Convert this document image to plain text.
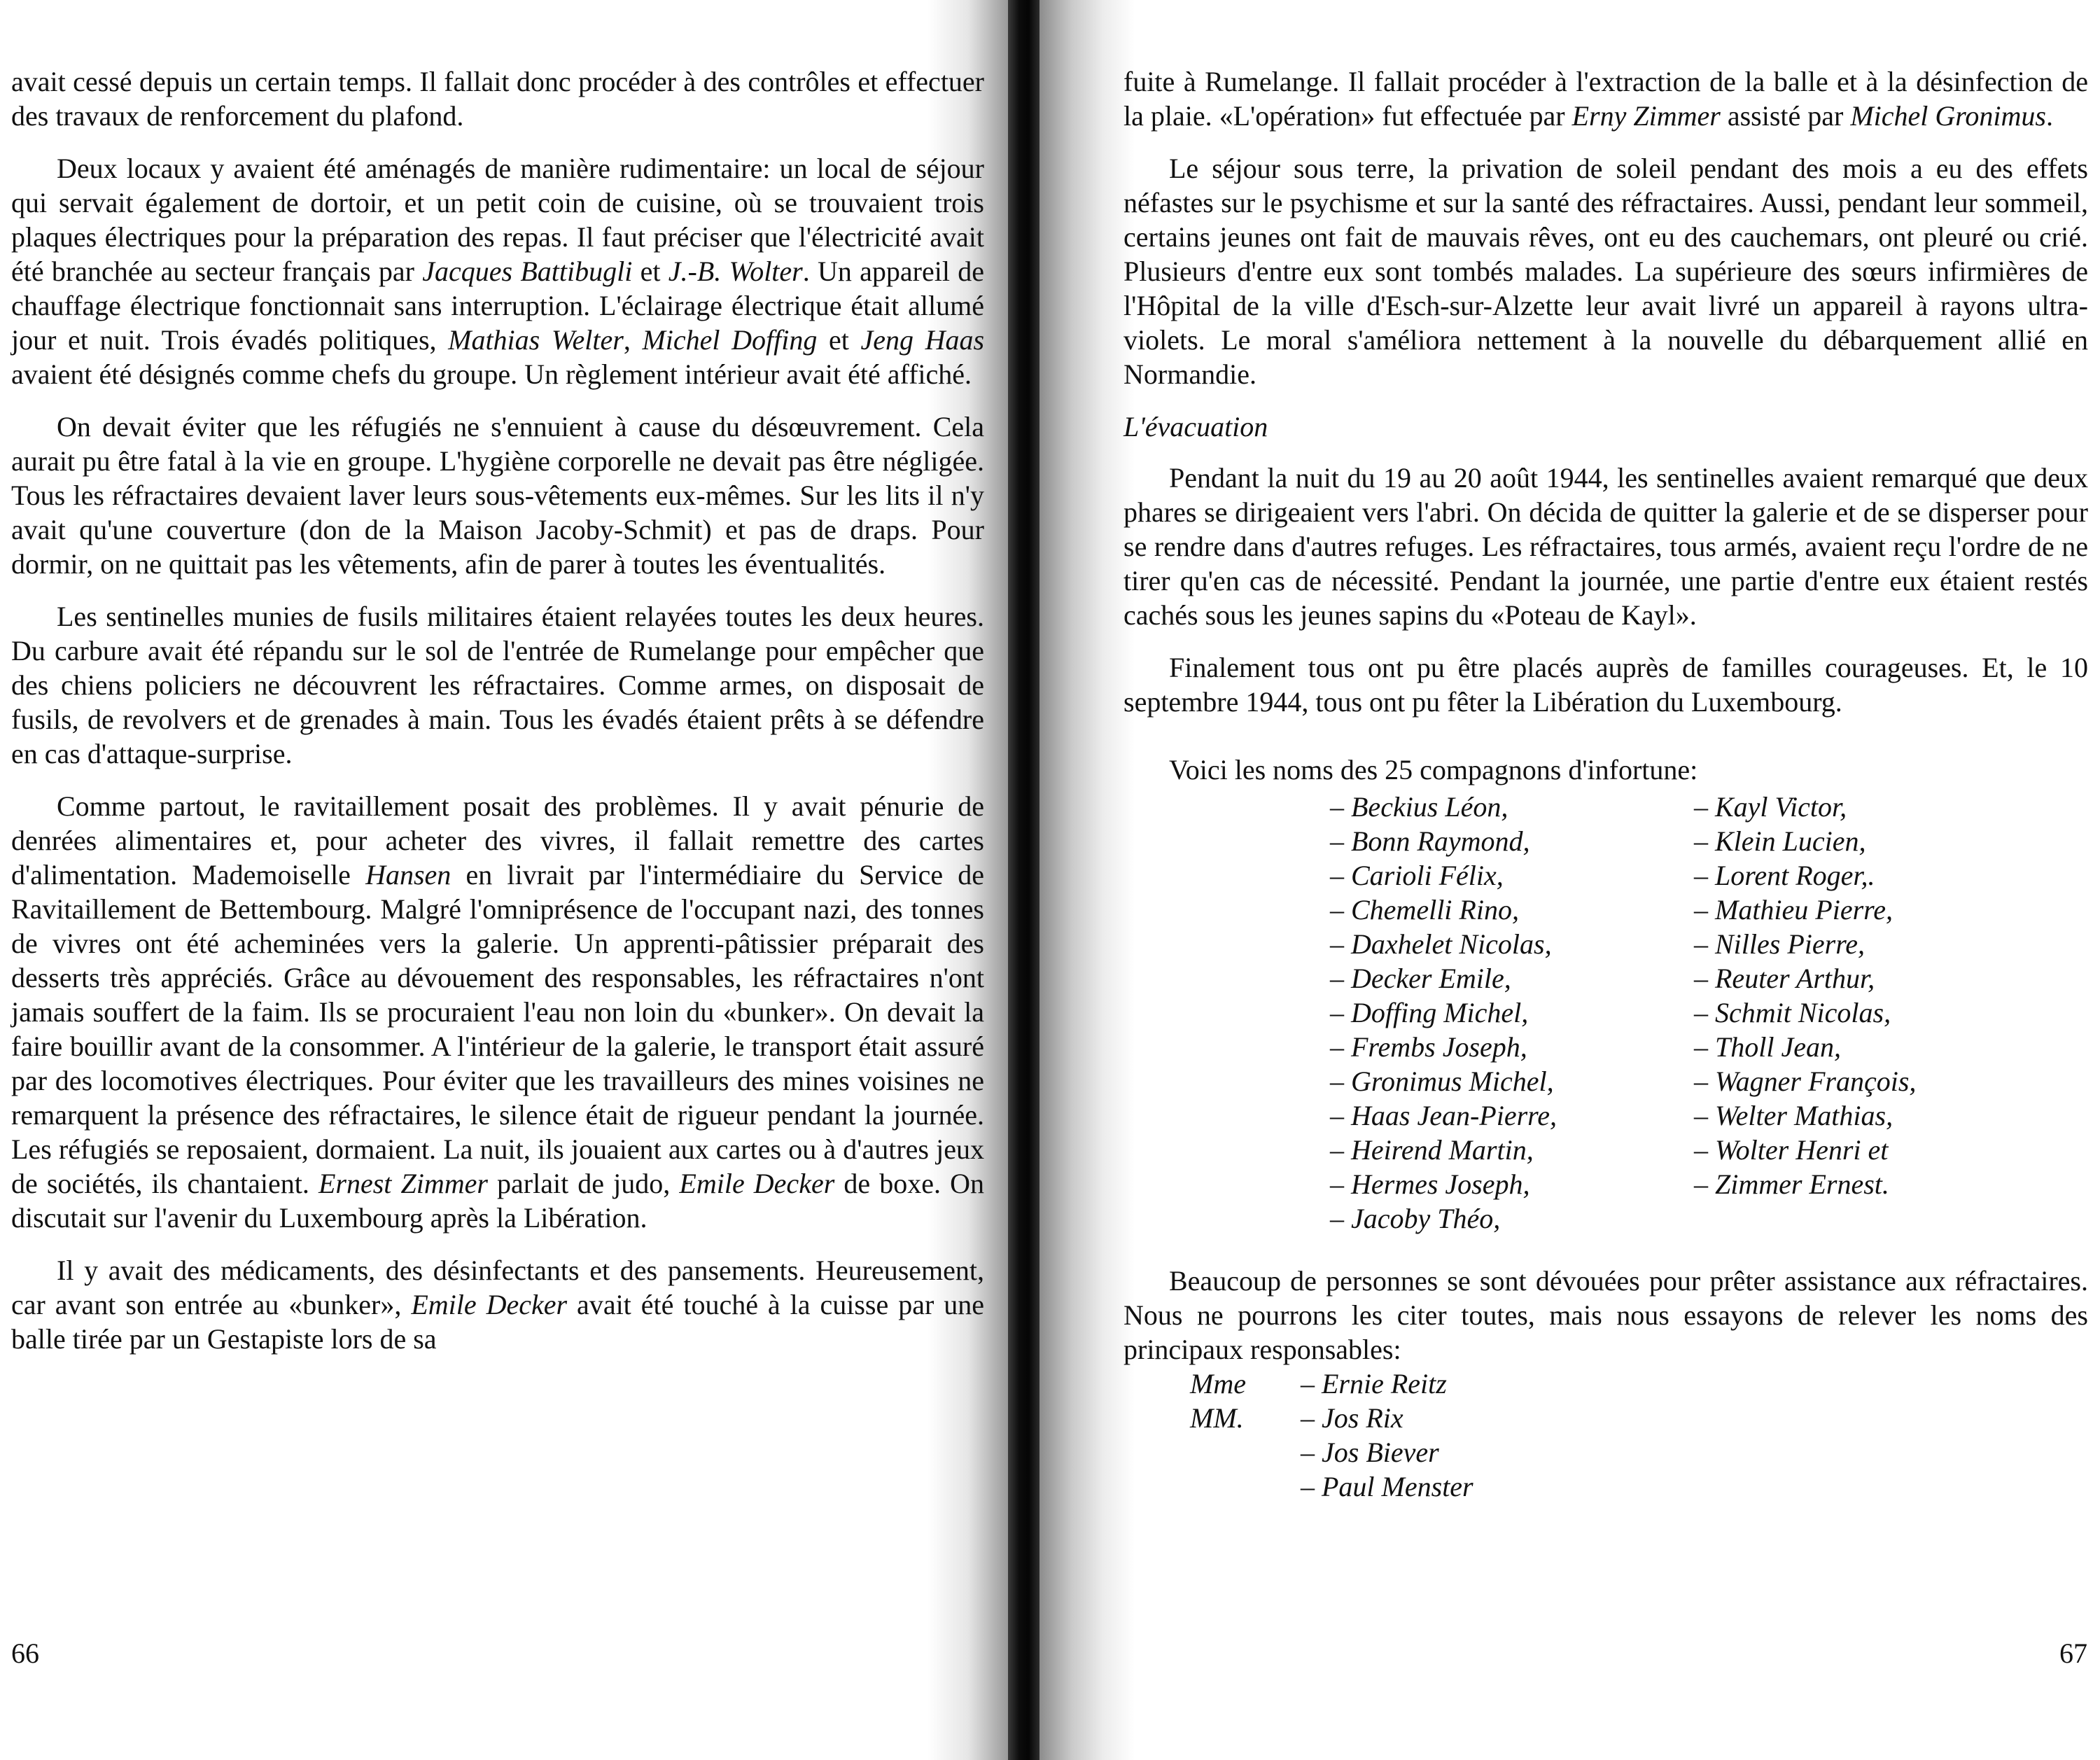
avait cessé depuis un certain temps. Il fallait donc procéder à des contrôles et effectuer des travaux de renforcement du plafond.

Deux locaux y avaient été aménagés de manière rudimentaire: un local de séjour qui servait également de dortoir, et un petit coin de cuisine, où se trouvaient trois plaques électriques pour la préparation des repas. Il faut préciser que l'électricité avait été branchée au secteur français par Jacques Battibugli et J.-B. Wolter. Un appareil de chauffage électrique fonctionnait sans interruption. L'éclairage électrique était allumé jour et nuit. Trois évadés politiques, Mathias Welter, Michel Doffing et Jeng Haas avaient été désignés comme chefs du groupe. Un règlement intérieur avait été affiché.

On devait éviter que les réfugiés ne s'ennuient à cause du désœuvrement. Cela aurait pu être fatal à la vie en groupe. L'hygiène corporelle ne devait pas être négligée. Tous les réfractaires devaient laver leurs sous-vêtements eux-mêmes. Sur les lits il n'y avait qu'une couverture (don de la Maison Jacoby-Schmit) et pas de draps. Pour dormir, on ne quittait pas les vêtements, afin de parer à toutes les éventualités.

Les sentinelles munies de fusils militaires étaient relayées toutes les deux heures. Du carbure avait été répandu sur le sol de l'entrée de Rumelange pour empêcher que des chiens policiers ne découvrent les réfractaires. Comme armes, on disposait de fusils, de revolvers et de grenades à main. Tous les évadés étaient prêts à se défendre en cas d'attaque-surprise.

Comme partout, le ravitaillement posait des problèmes. Il y avait pénurie de denrées alimentaires et, pour acheter des vivres, il fallait remettre des cartes d'alimentation. Mademoiselle Hansen en livrait par l'intermédiaire du Service de Ravitaillement de Bettembourg. Malgré l'omniprésence de l'occupant nazi, des tonnes de vivres ont été acheminées vers la galerie. Un apprenti-pâtissier préparait des desserts très appréciés. Grâce au dévouement des responsables, les réfractaires n'ont jamais souffert de la faim. Ils se procuraient l'eau non loin du «bunker». On devait la faire bouillir avant de la consommer. A l'intérieur de la galerie, le transport était assuré par des locomotives électriques. Pour éviter que les travailleurs des mines voisines ne remarquent la présence des réfractaires, le silence était de rigueur pendant la journée. Les réfugiés se reposaient, dormaient. La nuit, ils jouaient aux cartes ou à d'autres jeux de sociétés, ils chantaient. Ernest Zimmer parlait de judo, Emile Decker de boxe. On discutait sur l'avenir du Luxembourg après la Libération.

Il y avait des médicaments, des désinfectants et des pansements. Heureusement, car avant son entrée au «bunker», Emile Decker avait été touché à la cuisse par une balle tirée par un Gestapiste lors de sa

66

fuite à Rumelange. Il fallait procéder à l'extraction de la balle et à la désinfection de la plaie. «L'opération» fut effectuée par Erny Zimmer assisté par Michel Gronimus.

Le séjour sous terre, la privation de soleil pendant des mois a eu des effets néfastes sur le psychisme et sur la santé des réfractaires. Aussi, pendant leur sommeil, certains jeunes ont fait de mauvais rêves, ont eu des cauchemars, ont pleuré ou crié. Plusieurs d'entre eux sont tombés malades. La supérieure des sœurs infirmières de l'Hôpital de la ville d'Esch-sur-Alzette leur avait livré un appareil à rayons ultra-violets. Le moral s'améliora nettement à la nouvelle du débarquement allié en Normandie.

L'évacuation

Pendant la nuit du 19 au 20 août 1944, les sentinelles avaient remarqué que deux phares se dirigeaient vers l'abri. On décida de quitter la galerie et de se disperser pour se rendre dans d'autres refuges. Les réfractaires, tous armés, avaient reçu l'ordre de ne tirer qu'en cas de nécessité. Pendant la journée, une partie d'entre eux étaient restés cachés sous les jeunes sapins du «Poteau de Kayl».

Finalement tous ont pu être placés auprès de familles courageuses. Et, le 10 septembre 1944, tous ont pu fêter la Libération du Luxembourg.

Voici les noms des 25 compagnons d'infortune:

– Beckius Léon,
– Bonn Raymond,
– Carioli Félix,
– Chemelli Rino,
– Daxhelet Nicolas,
– Decker Emile,
– Doffing Michel,
– Frembs Joseph,
– Gronimus Michel,
– Haas Jean-Pierre,
– Heirend Martin,
– Hermes Joseph,
– Jacoby Théo,
– Kayl Victor,
– Klein Lucien,
– Lorent Roger,.
– Mathieu Pierre,
– Nilles Pierre,
– Reuter Arthur,
– Schmit Nicolas,
– Tholl Jean,
– Wagner François,
– Welter Mathias,
– Wolter Henri et
– Zimmer Ernest.

Beaucoup de personnes se sont dévouées pour prêter assistance aux réfractaires. Nous ne pourrons les citer toutes, mais nous essayons de relever les noms des principaux responsables:

Mme	– Ernie Reitz
MM.	– Jos Rix
– Jos Biever
– Paul Menster
67
